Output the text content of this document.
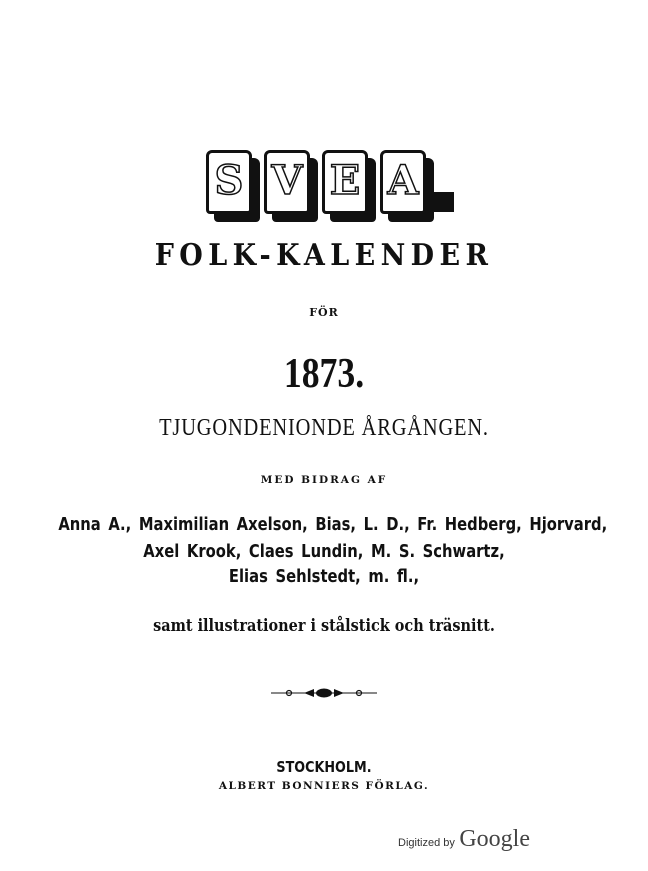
S V E A
FOLK-KALENDER
FÖR
1873.
TJUGONDENIONDE ÅRGÅNGEN.
MED BIDRAG AF
Anna A., Maximilian Axelson, Bias, L. D., Fr. Hedberg, Hjorvard,
Axel Krook, Claes Lundin, M. S. Schwartz,
Elias Sehlstedt, m. fl.,
samt illustrationer i stålstick och träsnitt.
STOCKHOLM.
ALBERT BONNIERS FÖRLAG.
Digitized by Google
